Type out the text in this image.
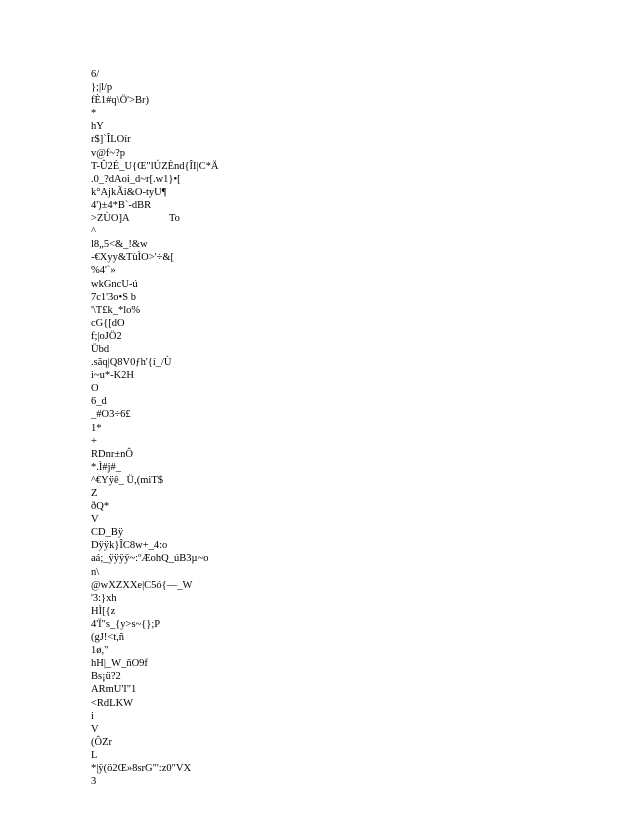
6/
};|l/p
fÈ1#q\Ö'>Br)
*
hY
r$]`ÎLOír
v@f~?p
T-Û2É_U{Œ"lÚZÈnd{ÎI|C*Ä
.0_?dAoi_d~r[.w1}•[
k°AjkÃi&O-tyU¶
4')±4*B`-dBR
>ZÙO]A	To
^
l8„5<&_!&w
-€Xyy&TùÌO>'÷&[
%4'`»
wkGncU-ú
7c1'3o•S b
'\T£k_*lo%
cG{[dO
f;|oJÖ2
Übd
.sãq|Q8V0ƒh'{í_/Ù
i~u*-K2H
O
6_d
_#O3÷6£
1*
+
RDnr±nÔ
*.Ì#j#_
^€Yÿê_ Ü,(miT$
Z
ðQ*
V
CD_Bÿ
Dÿÿk}ÎC8w+_4:o
aá;_ÿÿÿÿ~:ºÆohQ_úB3µ~o
n\
@wXZXXe|C5ó{—_W
'3:}xh
HÌ[{z
4'Ï"s_{y>s~{};P
(gJ!<t,ñ
1ø,"
hH|_W_ñO9f
Bs¡ü?2
ARmU'I"1
<RdLKW
i
V
(ÔZr
L
*|ÿ(ö2Œ»8srG"':z0"VX
3
